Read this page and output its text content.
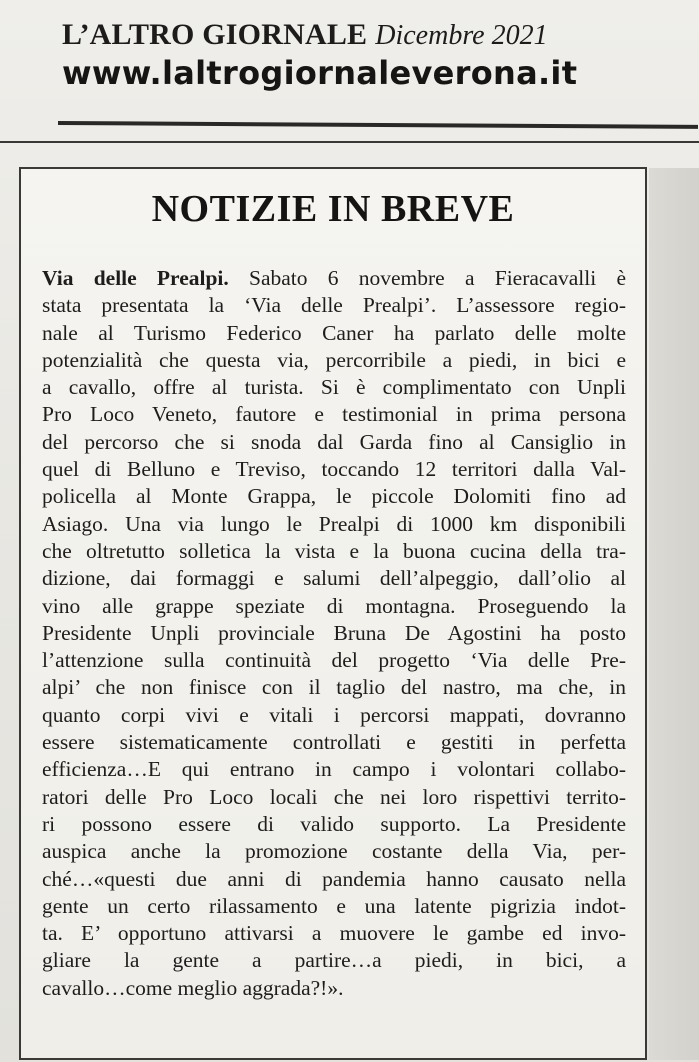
L’ALTRO GIORNALE Dicembre 2021
www.laltrogiornaleverona.it

NOTIZIE IN BREVE
Via delle Prealpi. Sabato 6 novembre a Fieracavalli è
stata presentata la ‘Via delle Prealpi’. L’assessore regio-
nale al Turismo Federico Caner ha parlato delle molte
potenzialità che questa via, percorribile a piedi, in bici e
a cavallo, offre al turista. Si è complimentato con Unpli
Pro Loco Veneto, fautore e testimonial in prima persona
del percorso che si snoda dal Garda fino al Cansiglio in
quel di Belluno e Treviso, toccando 12 territori dalla Val-
policella al Monte Grappa, le piccole Dolomiti fino ad
Asiago. Una via lungo le Prealpi di 1000 km disponibili
che oltretutto solletica la vista e la buona cucina della tra-
dizione, dai formaggi e salumi dell’alpeggio, dall’olio al
vino alle grappe speziate di montagna. Proseguendo la
Presidente Unpli provinciale Bruna De Agostini ha posto
l’attenzione sulla continuità del progetto ‘Via delle Pre-
alpi’ che non finisce con il taglio del nastro, ma che, in
quanto corpi vivi e vitali i percorsi mappati, dovranno
essere sistematicamente controllati e gestiti in perfetta
efficienza…E qui entrano in campo i volontari collabo-
ratori delle Pro Loco locali che nei loro rispettivi territo-
ri possono essere di valido supporto. La Presidente
auspica anche la promozione costante della Via, per-
ché…«questi due anni di pandemia hanno causato nella
gente un certo rilassamento e una latente pigrizia indot-
ta. E’ opportuno attivarsi a muovere le gambe ed invo-
gliare la gente a partire…a piedi, in bici, a
cavallo…come meglio aggrada?!».
